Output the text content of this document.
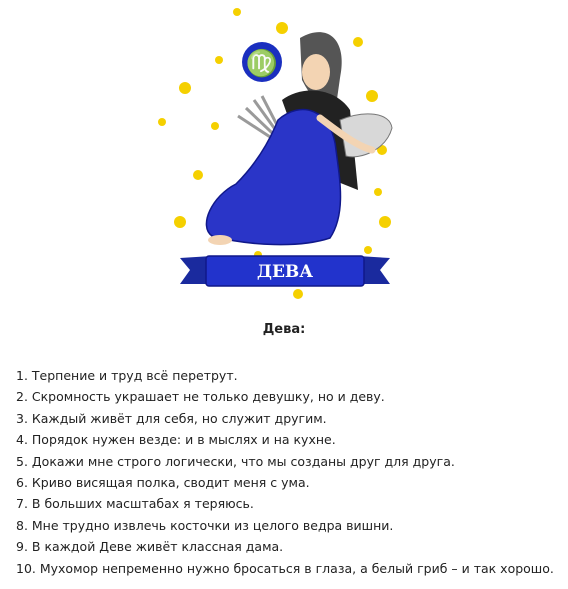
♍
ДЕВА
Дева:
1. Терпение и труд всё перетрут.
2. Скромность украшает не только девушку, но и деву.
3. Каждый живёт для себя, но служит другим.
4. Порядок нужен везде: и в мыслях и на кухне.
5. Докажи мне строго логически, что мы созданы друг для друга.
6. Криво висящая полка, сводит меня с ума.
7. В больших масштабах я теряюсь.
8. Мне трудно извлечь косточки из целого ведра вишни.
9. В каждой Деве живёт классная дама.
10. Мухомор непременно нужно бросаться в глаза, а белый гриб – и так хорошо.
